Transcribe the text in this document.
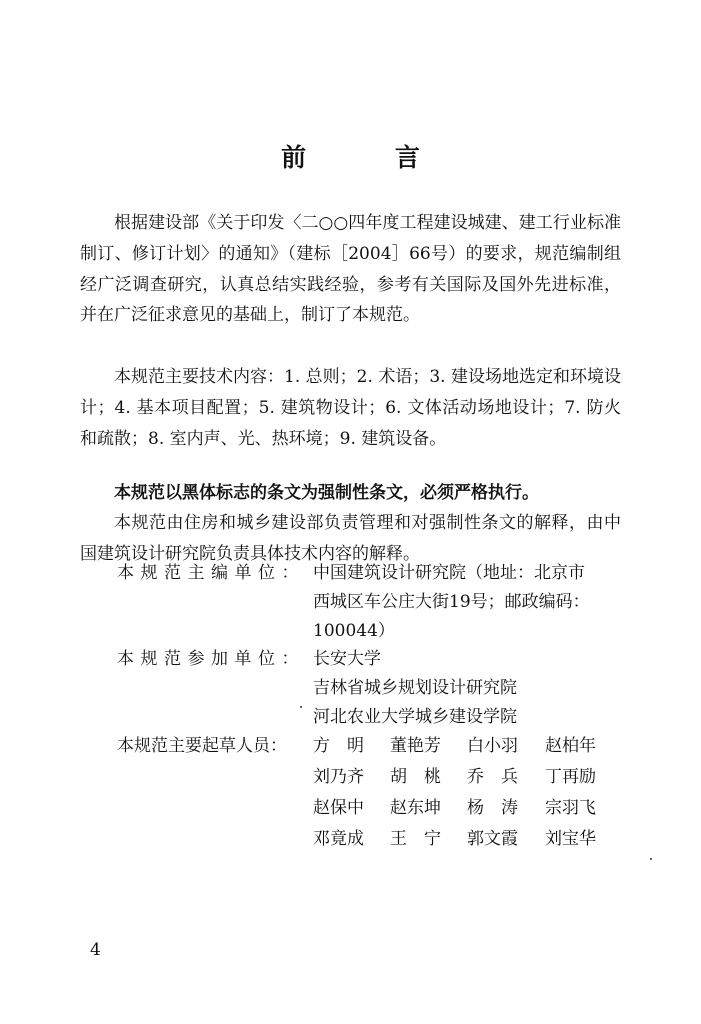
前 言

根据建设部《关于印发〈二○○四年度工程建设城建、建工行业标准制订、修订计划〉的通知》（建标［2004］66号）的要求，规范编制组经广泛调查研究，认真总结实践经验，参考有关国际及国外先进标准，并在广泛征求意见的基础上，制订了本规范。

本规范主要技术内容：1. 总则；2. 术语；3. 建设场地选定和环境设计；4. 基本项目配置；5. 建筑物设计；6. 文体活动场地设计；7. 防火和疏散；8. 室内声、光、热环境；9. 建筑设备。

本规范以黑体标志的条文为强制性条文，必须严格执行。

本规范由住房和城乡建设部负责管理和对强制性条文的解释，由中国建筑设计研究院负责具体技术内容的解释。

本规范主编单位： 中国建筑设计研究院（地址：北京市
西城区车公庄大街19号；邮政编码：
100044）
本规范参加单位： 长安大学
吉林省城乡规划设计研究院
河北农业大学城乡建设学院
本规范主要起草人员： 方　明 董艳芳 白小羽 赵柏年
刘乃齐 胡　桃 乔　兵 丁再励
赵保中 赵东坤 杨　涛 宗羽飞
邓竟成 王　宁 郭文霞 刘宝华
4
